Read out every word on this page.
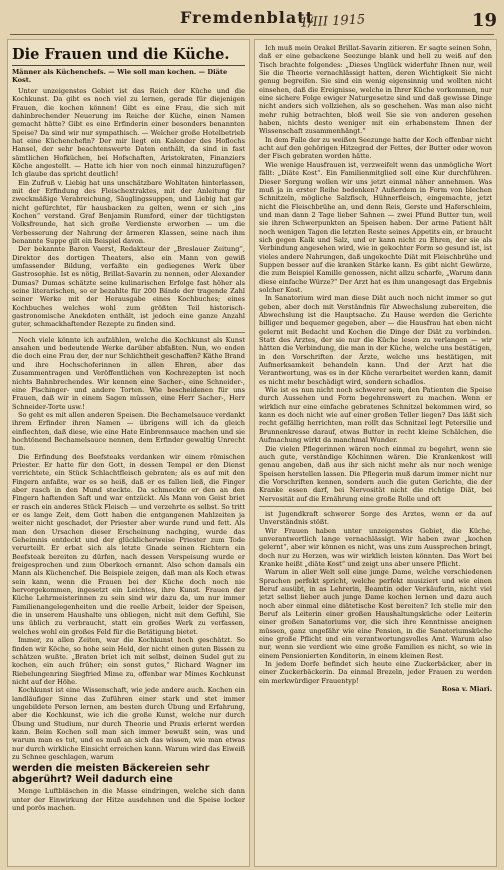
Fremdenblatt
1/III 1915	19
Die Frauen und die Küche.
Männer als Küchenchefs. — Wie soll man kochen. — Diäte Kost.

Unter unzeigenstes Gebiet ist das Reich der Küche und die Kochkunst. Da gibt es noch viel zu lernen, gerade für diejenigen Frauen, die kochen können! Gibt es eine Frau, die sich mit dahinbrechender Neuerung im Reiche der Küche, einen Namen gemacht hätte? Gibt es eine Erfinderin einer besonders benannten Speise? Da sind wir nur sympathisch. — Welcher große Hotelbetrieb hat eine Küchenchefin? Der mir liegt ein Kalender des Hoflochs Hansel, der sehr beachtenswerte Daten enthält, da sind in fast sämtlichen Hofküchen, bei Hofschaften, Aristokraten, Finanziers Köche angestellt. — Hatte ich hier von noch einmal hinzuzufügen? Ich glaube das spricht deutlich!

Ein Zufruß v. Liebig hat uns unschätzbare Wohltaten hinterlassen, mit der Erfindung des Fleischextraktes, mit der Anleitung für zweckmäßige Verabreichung, Säuglingssuppen, und Liebig hat gar nicht gefürchtet, für hausbacken zu gelten, wenn er sich „ins Kochen“ verstand. Graf Benjamin Rumford, einer der tüchtigsten Volksfreunde, hat sich große Verdienste erworben — um die Verbesserung der Nahrung der ärmeren Klassen, seine nach ihm benannte Suppe gilt ein Beispiel davon.

Der bekannte Baron Vaerst, Redakteur der „Breslauer Zeitung“, Direktor des dortigen Theaters, also ein Mann von gewiß umfassender Bildung, verfaßte ein gediegenes Werk über Gastrosophie. Ist es nötig, Brillat-Savarin zu nennen, oder Alexander Dumas? Dumas schätzte seine kulinarischen Erfolge fast höher als seine literarischen, so er bezahlte für 200 Bände der tragende Zahl seiner Werke mit der Herausgabe eines Kochbuches; eines Kochbuches welches wohl zum größten Teil historisch-gastronomische Anekdoten enthält, ist jedoch eine ganze Anzahl guter, schmackhaftender Rezepte zu finden sind.

Noch viele könnte ich aufzählen, welche die Kochkunst als Kunst ansahen und bedeutende Werke darüber abfaßten. Nun, wo enden die doch eine Frau der, der nur Schlichtheit geschaffen? Käthe Brand und ihre Hochschoferinnen in allen Ehren, aber das Zusammentragen und Veröffentlichen von Kochrezepten ist noch nichts Bahnbrechendes. Wir kennen eine Sacher-, eine Schneider-, eine Pischinger- und andere Torten. Wie bescheidenen für uns Frauen, daß wir in einem Sagen müssen, eine Herr Sacher-, Herr Schneider-Torte usw.!

So geht es mit allen anderen Speisen. Die Bechamelsauce verdankt ihrem Erfinder ihren Namen — übrigens will ich da gleich einflechten, daß diese, wie eine Hate Einbrennsauce machen und sie hochtönend Bechamelsauce nennen, dem Erfinder gewaltig Unrecht tun.

Die Erfindung des Beefsteaks verdanken wir einem römischen Priester. Er hatte für den Gott, in dessen Tempel er den Dienst verrichtete, ein Stück Schlachtfleisch gebraten; als es auf mit den Fingern anfaßte, war es so heiß, daß er es fallen ließ, die Finger aber rasch in den Mund steckte. Da schmeckte er den an den Fingern haftenden Saft und war entzückt. Als Mann von Geist briet er rasch ein anderes Stück Fleisch — und verzehrte es selbst. So tritt er es lange Zeit, dem Gott haben die entgangenen Mahlzeiten ja weiter nicht geschadet, der Priester aber wurde rund und fett. Als man den Ursachen dieser Erscheinung nachging, wurde das Geheimnis entdeckt und der glücklicherweise Priester zum Tode verurteilt. Er erbat sich als letzte Gnade seinen Richtern ein Beefsteak bereiten zu dürfen, nach dessen Verspeisung wurde er freigesprochen und zum Oberkoch ernannt. Also schon damals ein Mann als Küchenchef. Die Beispiele zeigen, daß man als Koch etwas sein kann, wenn die Frauen bei der Küche doch noch nie hervorgekommen, ingesetzt ein Leichtes, ihre Kunst. Frauen der Küche Lehrmeisterinnen zu sein sind wir dazu da, um nur immer Familienangelegenheiten und die reelle Arbeit, leider der Speisen, die in unserem Haushalte uns obliegen, nicht mit dem Gefühl, Sie uns üblich zu verbraucht, statt ein großes Werk zu verfassen, welches wohl ein großes Feld für die Betätigung bietet.

Immer, zu allen Zeiten, war die Kochkunst hoch geschätzt. So finden wir Köche, so hohe sein Held, der nicht einen guten Bissen zu schätzen wußte. „Braten briet ich mit selbst, deinen Sudel gut zu kochen, ein auch früher; ein sonst gutes,“ Richard Wagner im Riebelungenring Siegfried Mime zu, offenbar war Mimes Kochkunst nicht auf der Höhe.

Kochkunst ist eine Wissenschaft, wie jede andere auch. Kochen ein landläufiger Sinne das Zuführen einer stark und stet immer ungebildete Person lernen, am besten durch Übung und Erfahrung, aber die Kochkunst, wie ich die große Kunst, welche nur durch Übung und Studium, nur durch Theorie und Praxis erlernt werden kann. Beim Kochen soll man sich immer bewußt sein, was und warum man es tut, und es muß an sich das wissen, wie man etwas nur durch wirkliche Einsicht erreichen kann. Warum wird das Eiweiß zu Schnee geschlagen, warum

werden die meisten Bäckereien sehr abgerührt? Weil dadurch eine

Menge Luftbläschen in die Masse eindringen, welche sich dann unter der Einwirkung der Hitze ausdehnen und die Speise locker und porös machen.

Ich muß mein Orakel Brillat-Savarin zitieren. Er sagte seinen Sohn, daß er eine gebackene Seezunge blank und hell zu weiß auf den Tisch brachte folgendes: „Dieses Unglück widerfuhr Ihnen nur, weil Sie die Theorie vernachlässigt hatten, deren Wichtigkeit Sie nicht genug begreifen. Sie sind ein wenig eigensinnig und wollten nicht einsehen, daß die Ereignisse, welche in Ihrer Küche vorkommen, nur eine sichere Folge ewiger Naturgesetze sind und daß gewisse Dinge nicht anders sich vollziehen, als so geschehen. Was man also nicht mehr ruhig betrachten, bloß weil Sie sie von anderen gesehen haben, nichts desto weniger mit ein erhabenstem Ihnen der Wissenschaft zusammenhängt.“

In dem Falle der zu weißen Seezunge hatte der Koch offenbar nicht acht auf den gehörigen Hitzegrad der Fettes, der Butter oder wovon der Fisch gebraten worden hätte.

Wie wenige Hausfrauen ist, verzweifelt wenn das unmögliche Wort fällt: „Diäte Kost“. Ein Familienmitglied soll eine Kur durchführen. Dieser Sorgung wollen wir uns jetzt einmal näher annehmen. Was muß ja in erster Reihe bedenken? Außerdem in Form von blechen Schnitzeln, mögliche Salzfisch, Hühnerfleisch, eingemachte, jetzt nicht die Fleischbrühe an, und denn Reis, Gerste und Haferschleim, und man dann 2 Tage lieber Sahnen — zwei Pfund Butter tun, weil sie ihren Schwerpunkten an Speisen haben. Der arme Patient hält noch wenigen Tagen die letzten Reste seines Appetits ein, er braucht sich gegen Kalk und Salz, und er kann nicht zu Ehren, der sie als Verbindung angesehen wird, wie in gekochter Form so gesund ist, ist vieles andere Nahrungen, daß ungekochte Diät mit Fleischbrühe und Suppen besser auf die kranken Stärke kann. Es gibt nicht Gewürze, die zum Beispiel Kamille genossen, nicht allzu scharfe, „Warum dann diese einfache Würze?“ Der Arzt hat es ihm unangesagt das Ergebnis solcher Kost.

In Sanatorium wird man diese Diät auch noch nicht immer so gut geben, aber doch mit Verständnis für Abwechslung zubereiten, die Abwechslung ist die Hauptsache. Zu Hause werden die Gerichte billiger und bequemer gegeben, aber — die Hausfrau hat eben nicht gelernt mit Bedacht und Kochen die Dinge der Diät zu verbinden. Statt des Arztes, der sie nur die Küche lesen zu verlangen — wir hätten die Verbindung, die man in der Küche, welche uns bestätigen, in den Vorschriften der Ärzte, welche uns bestätigen, mit Aufmerksamkeit behandeln kann. Und der Arzt hat die Verantwortung, was es in der Küche verarbeitet werden kann, damit es nicht mehr beschädigt wird, sondern schadlos.

Wie ist es nun nicht noch schwerer sein, den Patienten die Speise durch Aussehen und Form begehrenswert zu machen. Wenn er wirklich nur eine einfache gebratenes Schnitzel bekommen wird, so kann es doch nicht wie auf einer großen Teller liegen? Das läßt sich recht gefällig herrichten, man rollt das Schnitzel legt Petersilie und Brunnenkresse darauf, etwas Butter in recht kleine Schälchen, die Aufmachung wirkt da manchmal Wunder.

Die vielen Pflegerinnen wären noch einmal zu begehrt, wenn sie auch gute, verständige Köchinnen wären. Die Krankenkost will genau angeben, daß aus ihr sich nicht mehr als nur noch wenige Speisen herstellen lassen. Die Pflegerin muß darum immer nicht nur die Vorschriften kennen, sondern auch die guten Gerichte, die der Kranke essen darf, bei Nervosität nicht die richtige Diät, bei Nervosität auf die Ernährung eine große Rolle und oft

ist Jugendkraft schwerer Sorge des Arztes, wenn er da auf Unverständnis stößt.

Wir Frauen haben unter unzeigenstes Gebiet, die Küche, unverantwortlich lange vernachlässigt. Wir haben zwar „kochen gelernt“, aber wir können es nicht, was uns zum Aussprechen bringt, doch nur zu Herzen, was wir wirklich leisten könnten. Das Wort bei Kranke heißt „diäte Kost“ und zeigt uns aber unsere Pflicht.

Warum in aller Welt soll eine junge Dame, welche verschiedenen Sprachen perfekt spricht, welche perfekt musiziert und wie einen Beruf ausübt, in as Lehrerin, Beamtin oder Verkäuferin, nicht viel jetzt selbst lieber auch junge Dame kochen lernen und dazu auch noch aber einmal eine diätetische Kost bereiten? Ich stelle mir den Beruf als Leiterin einer großen Haushaltungsküche oder Leiterin einer großen Sanatoriums vor, die sich ihre Kenntnisse aneignen müssen, ganz ungefähr wie eine Pension, in die Sanatoriumsküche eine große Pflicht und ein verantwortungsvolles Amt. Warum also nur, wenn sie verdient wie eine große Familien es nicht, so wie in einem Pensionierten Konditorin, in einem kleinen Rest.

In jedem Dorfe befindet sich heute eine Zuckerbäcker, aber in einer Zuckerbäckerin. Da einmal Brezeln, jeder Frauen zu werden ein merkwürdiger Frauentyp!

Rosa v. Miari.
